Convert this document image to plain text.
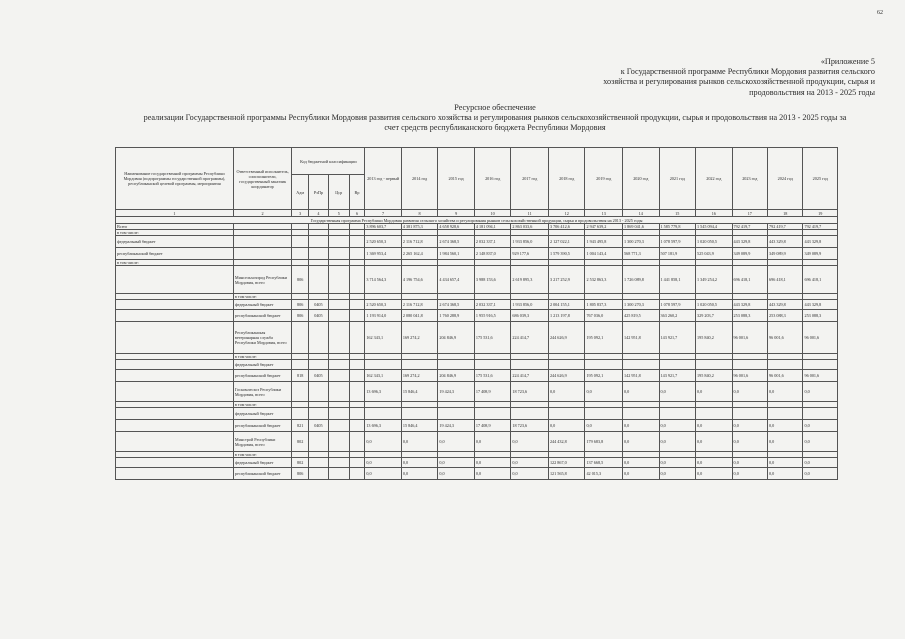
62
«Приложение 5
к Государственной программе Республики Мордовия развития сельского
хозяйства и регулирования рынков сельскохозяйственной продукции, сырья и
продовольствия на 2013 - 2025 годы
Ресурсное обеспечение
реализации Государственной программы Республики Мордовия развития сельского хозяйства и регулирования рынков сельскохозяйственной продукции, сырья и продовольствия на 2013 - 2025 годы за
счет средств республиканского бюджета Республики Мордовия
Наименование государственной программы Республики Мордовия (подпрограммы государственной программы), республиканской целевой программы, мероприятия	Ответственный исполнитель, соисполнители, государственный заказчик координатор	Код бюджетной классификации				2013 год - первый	2014 год	2015 год	2016 год	2017 год	2018 год	2019 год	2020 год	2021 год	2022 год	2023 год	2024 год	2025 год
		Адм	РзПр	Цср	Вр													
1	2	3	4	5	6	7	8	9	10	11	12	13	14	15	16	17	18	19
Государственная программа Республики Мордовия развития сельского хозяйства и регулирования рынков сельскохозяйственной продукции, сырья и продовольствия на 2013 - 2025 годы																		
Всего						3 896 603,7	4 381 875,3	4 658 928,6	4 181 094,1	2 863 033,6	3 706 412,6	2 947 639,2	1 869 041,6	1 585 779,8	1 545 094,4	792 419,7	792 419,7	792 419,7
в том числе:																		
федеральный бюджет						2 520 650,3	2 116 712,8	2 674 368,5	2 032 337,1	1 933 856,0	2 127 022,1	1 943 495,8	1 300 270,3	1 078 597,9	1 020 050,5	443 329,8	443 329,8	443 329,8
республиканский бюджет						1 369 953,4	2 265 162,4	1 984 560,1	2 148 837,0	929 177,6	1 579 390,5	1 004 143,4	568 771,3	507 181,9	525 043,9	349 089,9	349 089,9	349 089,9
в том числе:																		
	Минсельхозпрод Республики Мордовия, всего	806				3 714 564,3	4 196 754,6	4 434 657,4	3 988 153,6	2 619 895,3	3 217 252,9	2 532 863,3	1 726 089,8	1 441 858,1	1 349 254,2	696 418,1	696 418,1	696 418,1
	в том числе:																	
	федеральный бюджет	806	0405			2 520 650,3	2 116 712,8	2 674 368,5	2 032 337,1	1 933 856,0	2 004 155,1	1 805 837,3	1 300 270,3	1 078 597,9	1 020 050,5	443 329,8	443 329,8	443 329,8
	республиканский бюджет	806	0405			1 193 914,0	2 080 041,8	1 760 288,9	1 955 916,5	686 039,3	1 213 197,8	767 036,0	425 819,5	363 260,2	329 203,7	253 088,3	253 088,3	253 088,3
	Республиканская ветеринарная служба Республики Мордовия, всего					162 343,1	169 274,2	204 846,9	175 531,6	224 414,7	244 626,9	195 092,1	142 951,8	143 921,7	195 840,2	96 001,6	96 001,6	96 001,6
	в том числе:																	
	федеральный бюджет																	
	республиканский бюджет	818	0405			162 343,1	169 274,2	204 846,9	175 531,6	224 414,7	244 626,9	195 092,1	142 951,8	143 921,7	195 840,2	96 001,6	96 001,6	96 001,6
	Госкомлесхоз Республики Мордовия, всего					13 696,3	15 846,4	19 424,3	17 408,9	18 723,6	0,0	0,0	0,0	0,0	0,0	0,0	0,0	0,0
	в том числе:																	
	федеральный бюджет																	
	республиканский бюджет	821	0405			13 696,3	15 846,4	19 424,3	17 408,9	18 723,6	0,0	0,0	0,0	0,0	0,0	0,0	0,0	0,0
	Минстрой Республики Мордовия, всего	802				0,0	0,0	0,0	0,0	0,0	244 432,8	179 683,8	0,0	0,0	0,0	0,0	0,0	0,0
	в том числе:																	
	федеральный бюджет	802				0,0	0,0	0,0	0,0	0,0	122 867,0	137 668,5	0,0	0,0	0,0	0,0	0,0	0,0
	республиканский бюджет	806				0,0	0,0	0,0	0,0	0,0	121 565,8	42 015,3	0,0	0,0	0,0	0,0	0,0	0,0
